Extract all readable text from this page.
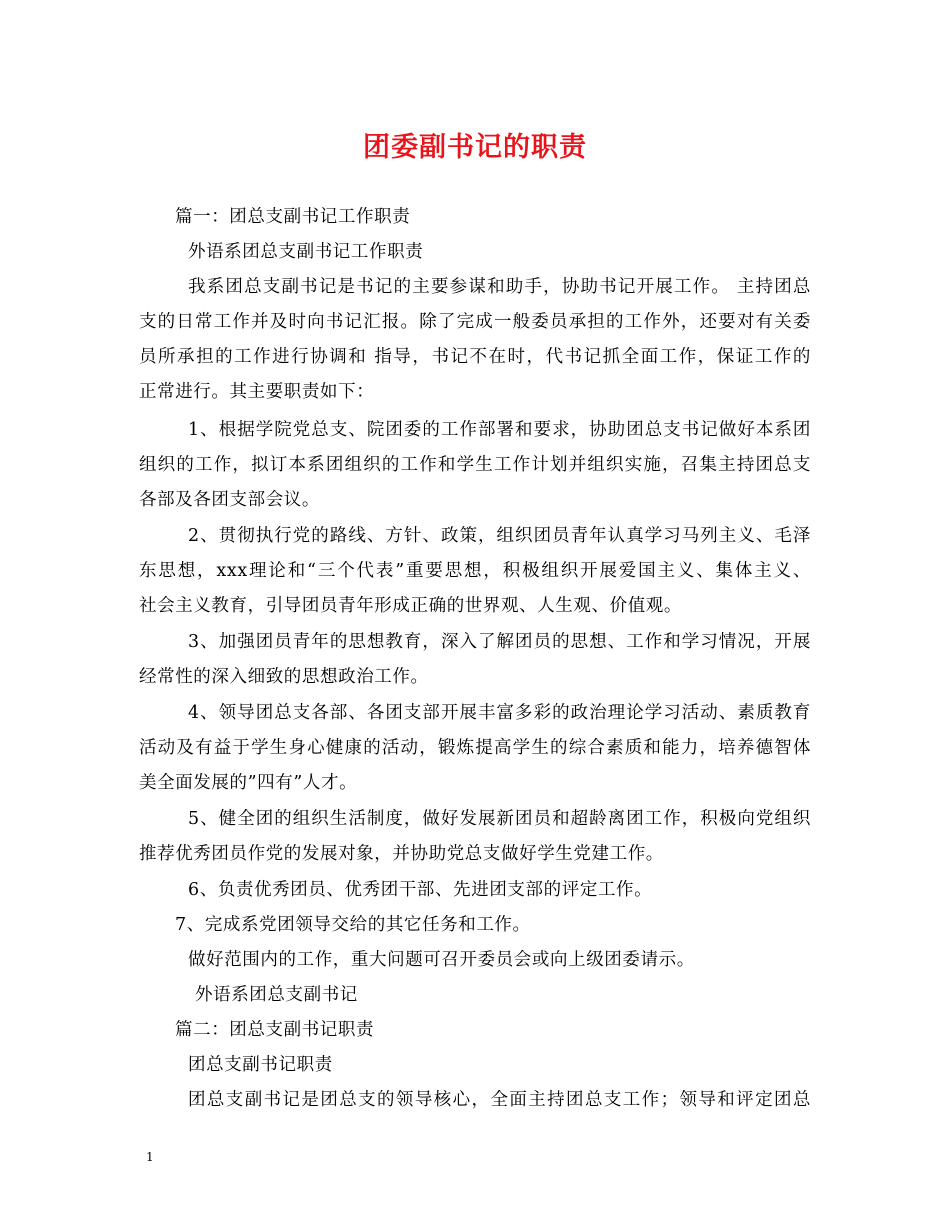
团委副书记的职责
篇一：团总支副书记工作职责
外语系团总支副书记工作职责
我系团总支副书记是书记的主要参谋和助手，协助书记开展工作。 主持团总
支的日常工作并及时向书记汇报。除了完成一般委员承担的工作外，还要对有关委
员所承担的工作进行协调和 指导，书记不在时，代书记抓全面工作，保证工作的
正常进行。其主要职责如下：
1、根据学院党总支、院团委的工作部署和要求，协助团总支书记做好本系团
组织的工作，拟订本系团组织的工作和学生工作计划并组织实施，召集主持团总支
各部及各团支部会议。
2、贯彻执行党的路线、方针、政策，组织团员青年认真学习马列主义、毛泽
东思想，xxx理论和“三个代表”重要思想，积极组织开展爱国主义、集体主义、
社会主义教育，引导团员青年形成正确的世界观、人生观、价值观。
3、加强团员青年的思想教育，深入了解团员的思想、工作和学习情况，开展
经常性的深入细致的思想政治工作。
4、领导团总支各部、各团支部开展丰富多彩的政治理论学习活动、素质教育
活动及有益于学生身心健康的活动，锻炼提高学生的综合素质和能力，培养德智体
美全面发展的”四有”人才。
5、健全团的组织生活制度，做好发展新团员和超龄离团工作，积极向党组织
推荐优秀团员作党的发展对象，并协助党总支做好学生党建工作。
6、负责优秀团员、优秀团干部、先进团支部的评定工作。
7、完成系党团领导交给的其它任务和工作。
做好范围内的工作，重大问题可召开委员会或向上级团委请示。
外语系团总支副书记
篇二：团总支副书记职责
团总支副书记职责
团总支副书记是团总支的领导核心，全面主持团总支工作；领导和评定团总
1
